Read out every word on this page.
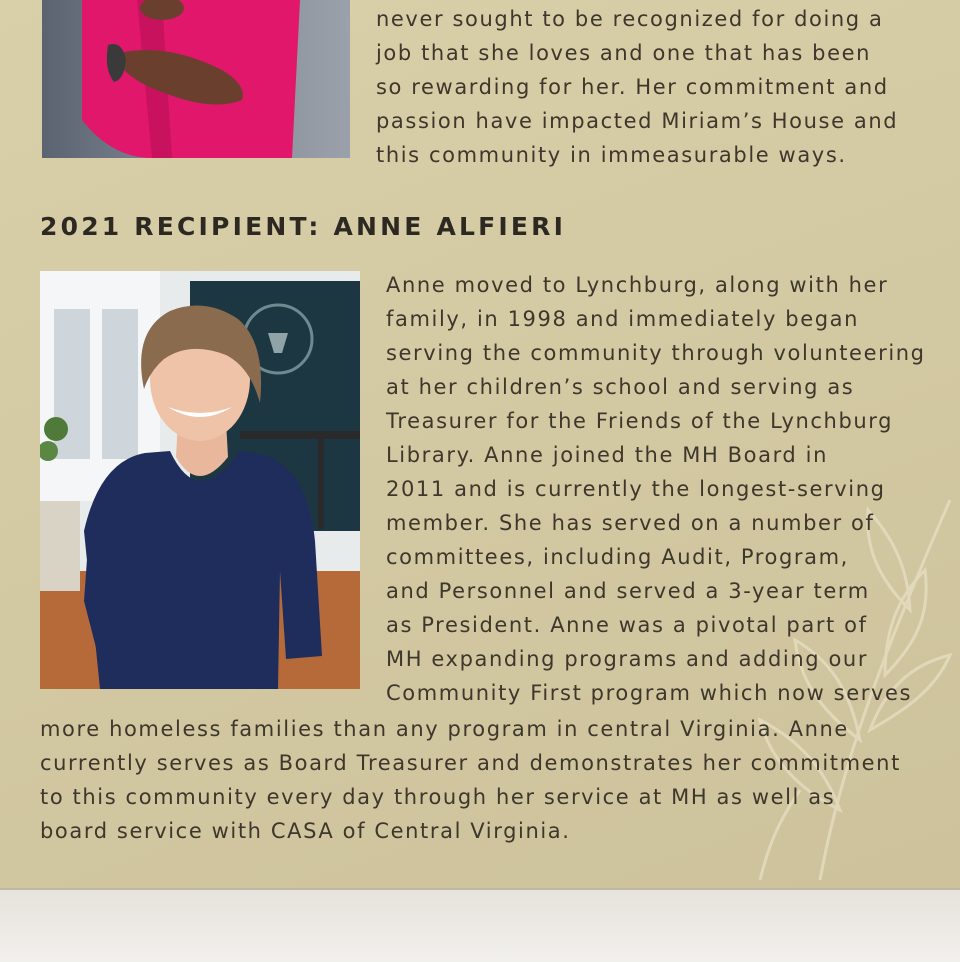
never sought to be recognized for doing a

job that she loves and one that has been

so rewarding for her. Her commitment and

passion have impacted Miriam’s House and

this community in immeasurable ways.

2021 RECIPIENT: ANNE ALFIERI

Anne moved to Lynchburg, along with her

family, in 1998 and immediately began

serving the community through volunteering

at her children’s school and serving as

Treasurer for the Friends of the Lynchburg

Library. Anne joined the MH Board in

2011 and is currently the longest-serving

member. She has served on a number of

committees, including Audit, Program,

and Personnel and served a 3-year term

as President. Anne was a pivotal part of

MH expanding programs and adding our

Community First program which now serves

more homeless families than any program in central Virginia. Anne

currently serves as Board Treasurer and demonstrates her commitment

to this community every day through her service at MH as well as

board service with CASA of Central Virginia.
